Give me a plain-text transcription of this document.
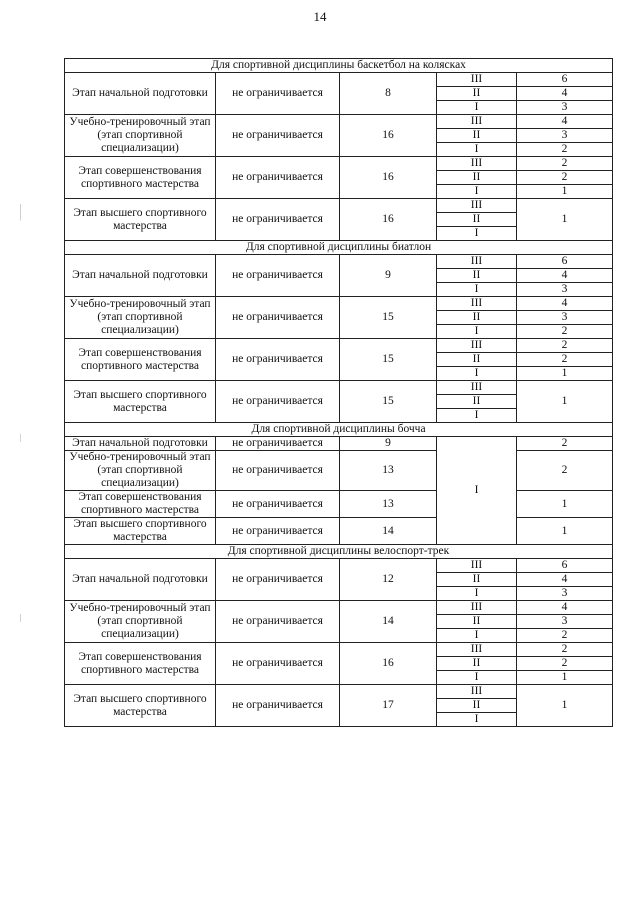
14
Для спортивной дисциплины баскетбол на колясках				
Этап начальной подготовки	не ограничивается	8	III	6
			II	4
			I	3
Учебно-тренировочный этап (этап спортивной специализации)	не ограничивается	16	III	4
			II	3
			I	2
Этап совершенствования спортивного мастерства	не ограничивается	16	III	2
			II	2
			I	1
Этап высшего спортивного мастерства	не ограничивается	16	III	1
			II	
			I	
Для спортивной дисциплины биатлон				
Этап начальной подготовки	не ограничивается	9	III	6
			II	4
			I	3
Учебно-тренировочный этап (этап спортивной специализации)	не ограничивается	15	III	4
			II	3
			I	2
Этап совершенствования спортивного мастерства	не ограничивается	15	III	2
			II	2
			I	1
Этап высшего спортивного мастерства	не ограничивается	15	III	1
			II	
			I	
Для спортивной дисциплины бочча				
Этап начальной подготовки	не ограничивается	9	I	2
Учебно-тренировочный этап (этап спортивной специализации)	не ограничивается	13		2
Этап совершенствования спортивного мастерства	не ограничивается	13		1
Этап высшего спортивного мастерства	не ограничивается	14		1
Для спортивной дисциплины велоспорт-трек				
Этап начальной подготовки	не ограничивается	12	III	6
			II	4
			I	3
Учебно-тренировочный этап (этап спортивной специализации)	не ограничивается	14	III	4
			II	3
			I	2
Этап совершенствования спортивного мастерства	не ограничивается	16	III	2
			II	2
			I	1
Этап высшего спортивного мастерства	не ограничивается	17	III	1
			II	
			I	
